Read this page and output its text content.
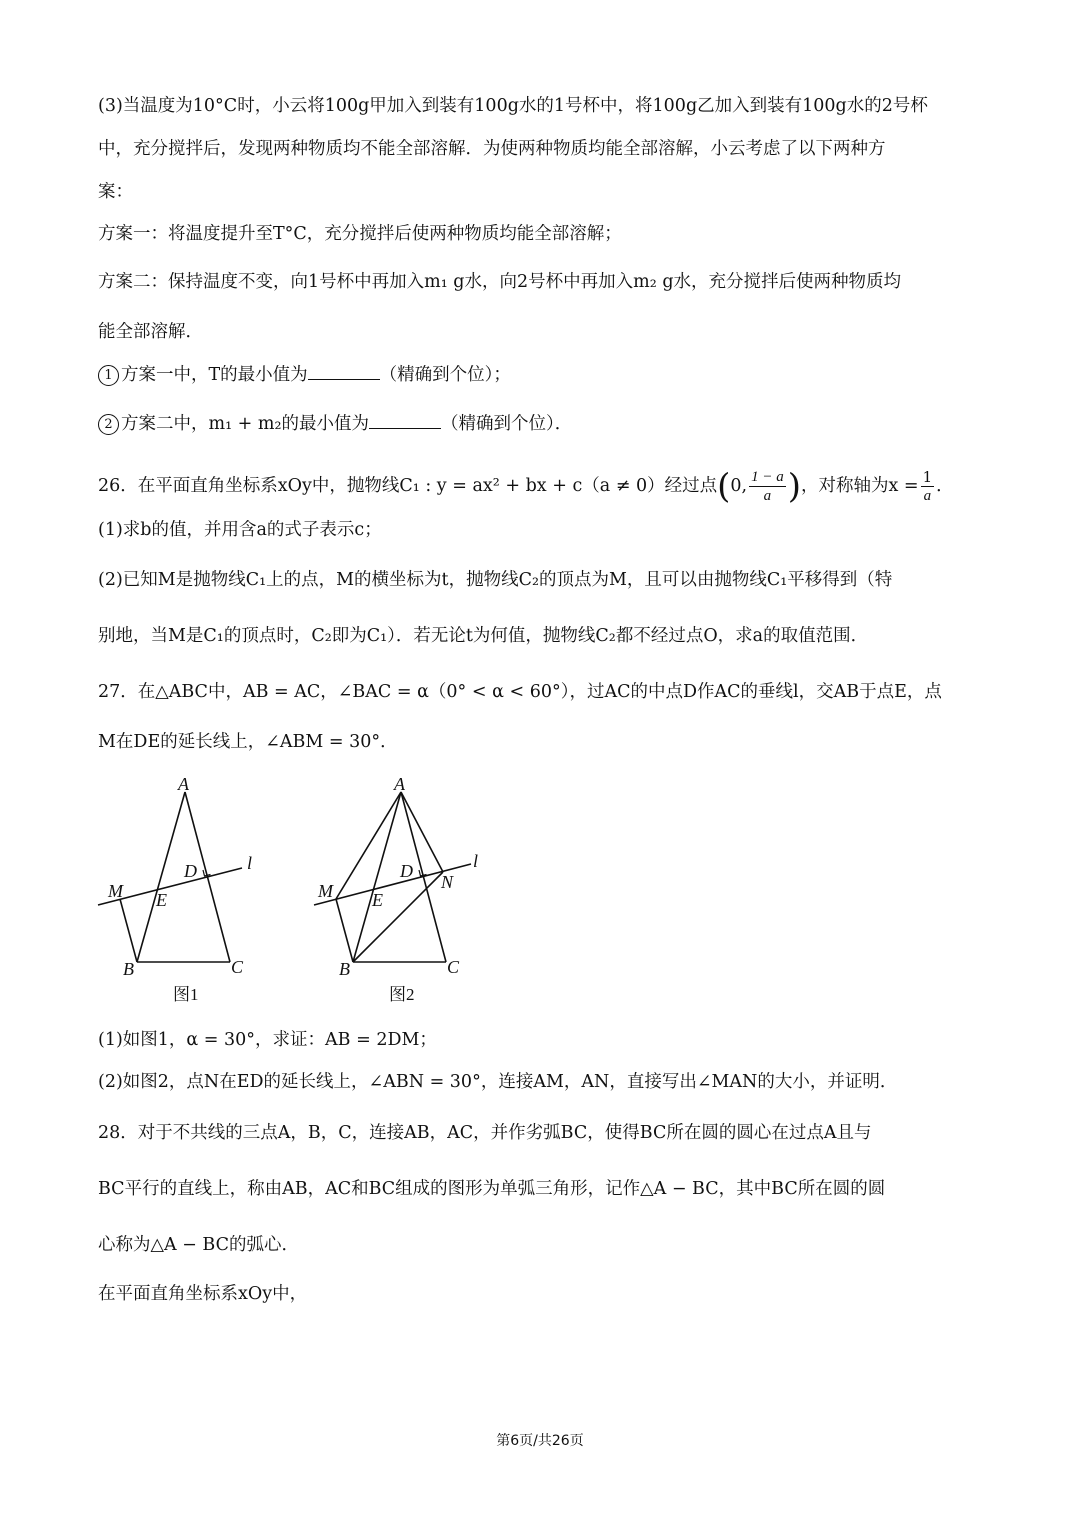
(3)当温度为10°C时，小云将100g甲加入到装有100g水的1号杯中，将100g乙加入到装有100g水的2号杯
中，充分搅拌后，发现两种物质均不能全部溶解．为使两种物质均能全部溶解，小云考虑了以下两种方
案：
方案一：将温度提升至T°C，充分搅拌后使两种物质均能全部溶解；
方案二：保持温度不变，向1号杯中再加入m₁ g水，向2号杯中再加入m₂ g水，充分搅拌后使两种物质均
能全部溶解．
1 方案一中，T的最小值为	（精确到个位）；
2 方案二中，m₁ + m₂的最小值为	（精确到个位）．
26．在平面直角坐标系xOy中，抛物线C₁ : y = ax² + bx + c（a ≠ 0）经过点(0, $\frac{1 - a}{a}$ )，对称轴为$x = \frac{1}{a}$ ．
(1)求b的值，并用含a的式子表示c；
(2)已知M是抛物线C₁上的点，M的横坐标为t，抛物线C₂的顶点为M，且可以由抛物线C₁平移得到（特
别地，当M是C₁的顶点时，C₂即为C₁）．若无论t为何值，抛物线C₂都不经过点O，求a的取值范围．
27．在△ABC中，AB = AC，∠BAC = α（0° < α < 60°），过AC的中点D作AC的垂线l，交AB于点E，点
M在DE的延长线上，∠ABM = 30°．
A
B	C
D
E
M
l
图1
A
B	C
D
E
M	N
l
图2
(1)如图1，α = 30°，求证：AB = 2DM；
(2)如图2，点N在ED的延长线上，∠ABN = 30°，连接AM，AN，直接写出∠MAN的大小，并证明．
28．对于不共线的三点A，B，C，连接AB，AC，并作劣弧BC，使得BC所在圆的圆心在过点A且与
BC平行的直线上，称由AB，AC和BC组成的图形为单弧三角形，记作△A − BC，其中BC所在圆的圆
心称为△A − BC的弧心．
在平面直角坐标系xOy中，
第6页/共26页
